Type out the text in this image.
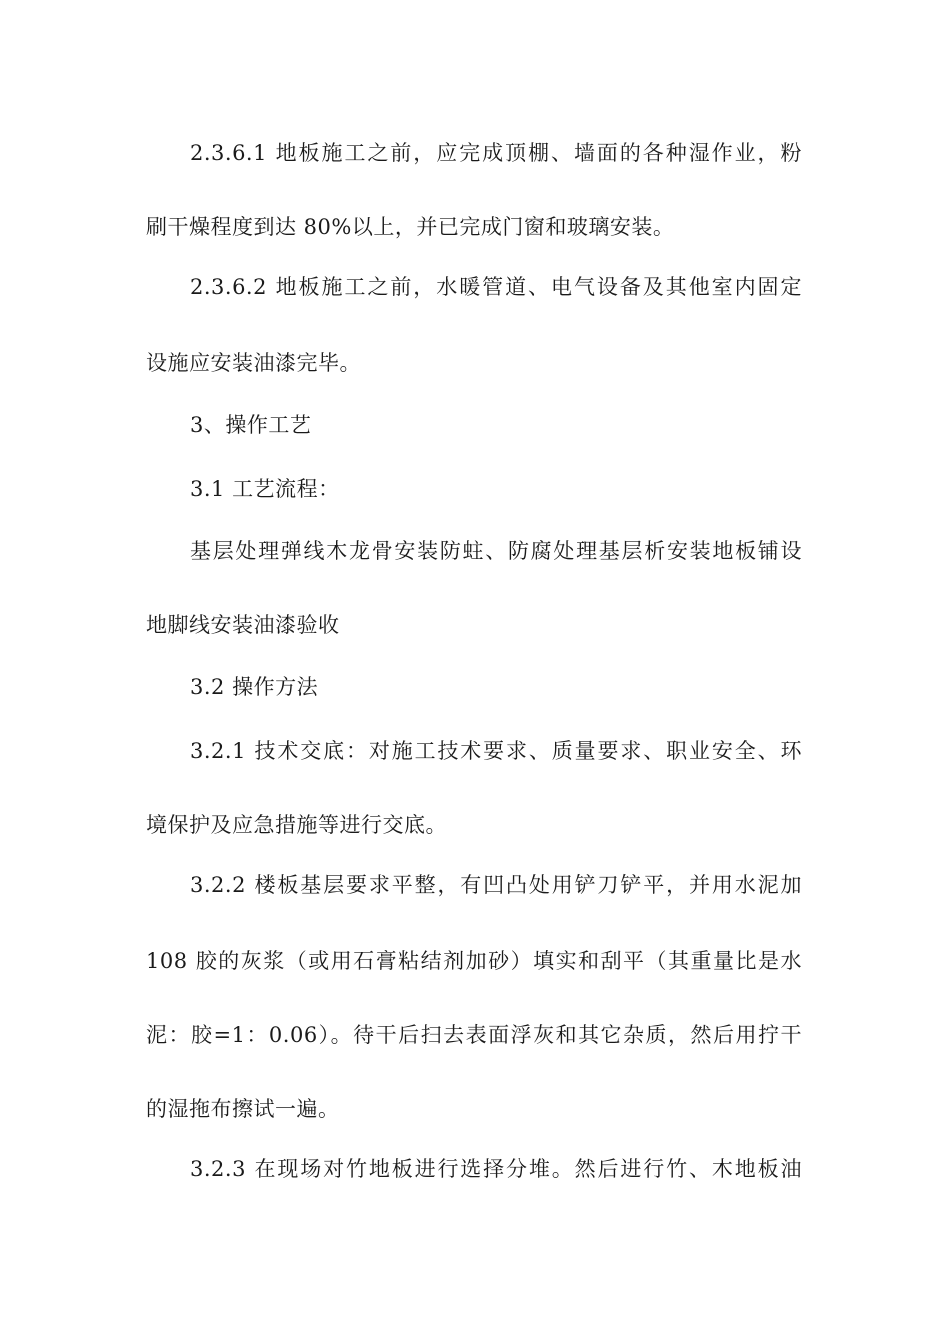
2.3.6.1 地板施工之前，应完成顶棚、墙面的各种湿作业，粉
刷干燥程度到达 80%以上，并已完成门窗和玻璃安装。
2.3.6.2 地板施工之前，水暖管道、电气设备及其他室内固定
设施应安装油漆完毕。
3、操作工艺
3.1 工艺流程：
基层处理弹线木龙骨安装防蛀、防腐处理基层析安装地板铺设
地脚线安装油漆验收
3.2 操作方法
3.2.1 技术交底：对施工技术要求、质量要求、职业安全、环
境保护及应急措施等进行交底。
3.2.2 楼板基层要求平整，有凹凸处用铲刀铲平，并用水泥加
108 胶的灰浆（或用石膏粘结剂加砂）填实和刮平（其重量比是水
泥：胶=1：0.06）。待干后扫去表面浮灰和其它杂质，然后用拧干
的湿拖布擦试一遍。
3.2.3 在现场对竹地板进行选择分堆。然后进行竹、木地板油
